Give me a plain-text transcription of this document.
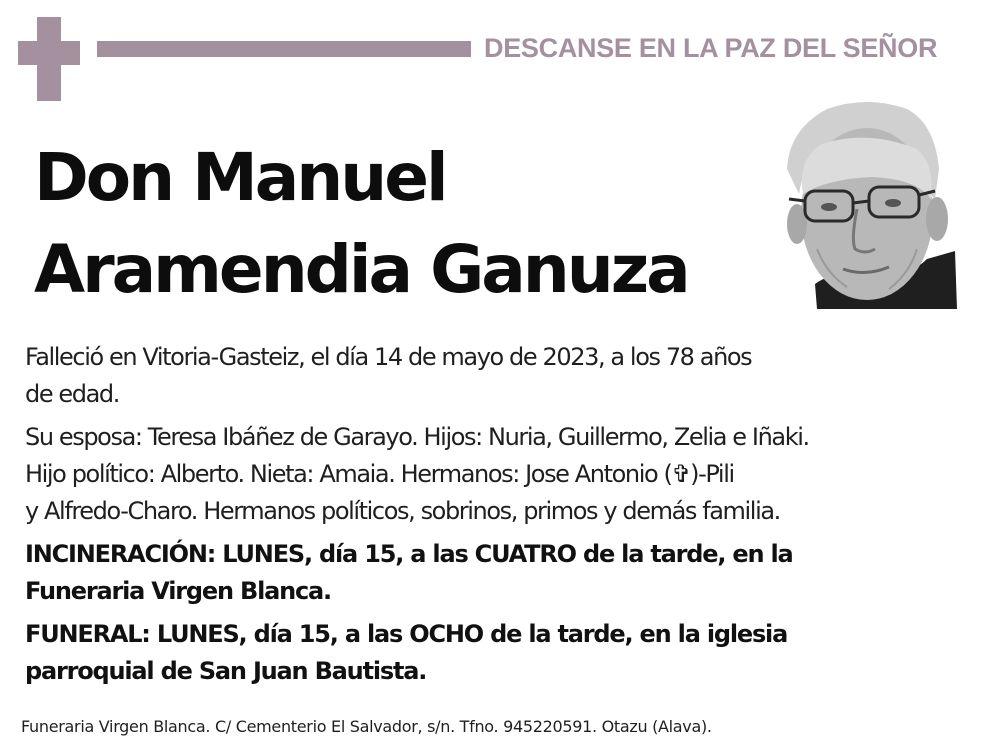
DESCANSE EN LA PAZ DEL SEÑOR
Don Manuel
Aramendia Ganuza

Falleció en Vitoria-Gasteiz, el día 14 de mayo de 2023, a los 78 años
de edad.

Su esposa: Teresa Ibáñez de Garayo. Hijos: Nuria, Guillermo, Zelia e Iñaki.
Hijo político: Alberto. Nieta: Amaia. Hermanos: Jose Antonio (✞)-Pili
y Alfredo-Charo. Hermanos políticos, sobrinos, primos y demás familia.

INCINERACIÓN: LUNES, día 15, a las CUATRO de la tarde, en la
Funeraria Virgen Blanca.

FUNERAL: LUNES, día 15, a las OCHO de la tarde, en la iglesia
parroquial de San Juan Bautista.

Funeraria Virgen Blanca. C/ Cementerio El Salvador, s/n. Tfno. 945220591. Otazu (Alava).
